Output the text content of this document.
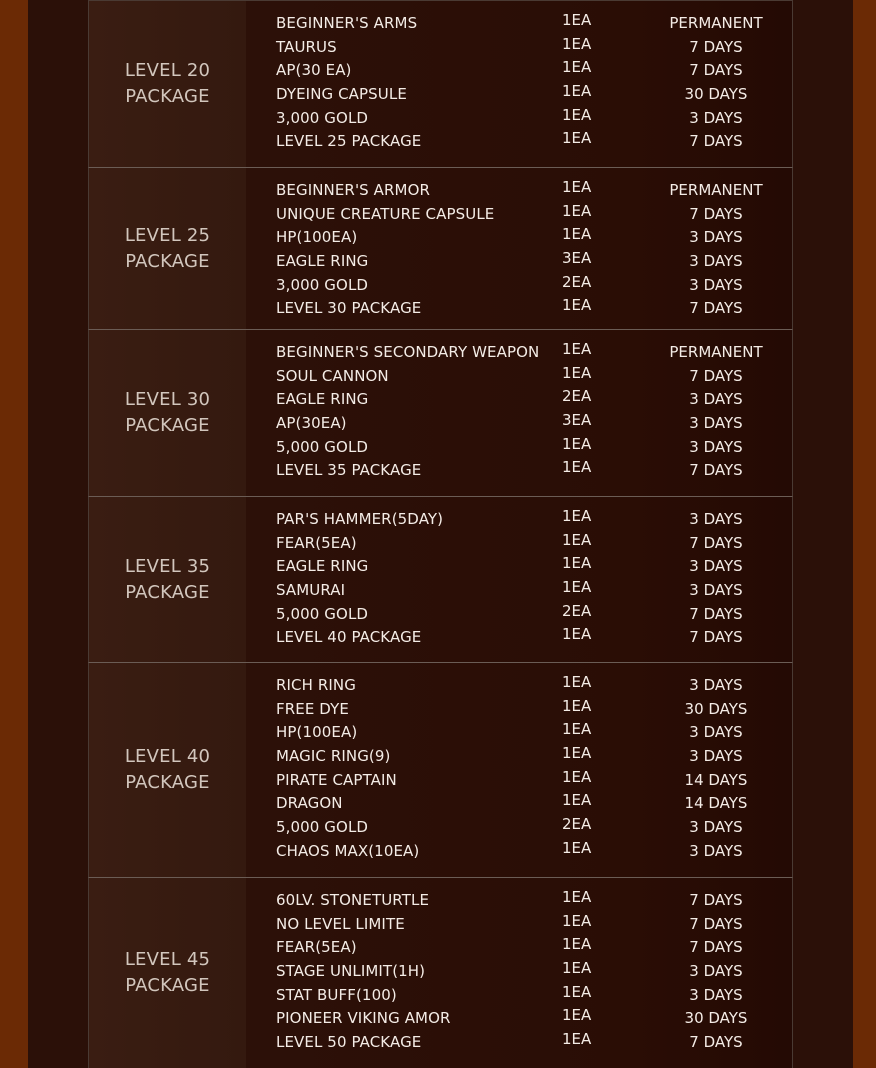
LEVEL 20 PACKAGE
BEGINNER'S ARMS	1EA	PERMANENT
TAURUS	1EA	7 DAYS
AP(30 EA)	1EA	7 DAYS
DYEING CAPSULE	1EA	30 DAYS
3,000 GOLD	1EA	3 DAYS
LEVEL 25 PACKAGE	1EA	7 DAYS
LEVEL 25 PACKAGE
BEGINNER'S ARMOR	1EA	PERMANENT
UNIQUE CREATURE CAPSULE	1EA	7 DAYS
HP(100EA)	1EA	3 DAYS
EAGLE RING	3EA	3 DAYS
3,000 GOLD	2EA	3 DAYS
LEVEL 30 PACKAGE	1EA	7 DAYS
LEVEL 30 PACKAGE
BEGINNER'S SECONDARY WEAPON 1EA	PERMANENT
SOUL CANNON	1EA	7 DAYS
EAGLE RING	2EA	3 DAYS
AP(30EA)	3EA	3 DAYS
5,000 GOLD	1EA	3 DAYS
LEVEL 35 PACKAGE	1EA	7 DAYS
LEVEL 35 PACKAGE
PAR'S HAMMER(5DAY)	1EA	3 DAYS
FEAR(5EA)	1EA	7 DAYS
EAGLE RING	1EA	3 DAYS
SAMURAI	1EA	3 DAYS
5,000 GOLD	2EA	7 DAYS
LEVEL 40 PACKAGE	1EA	7 DAYS
LEVEL 40 PACKAGE
RICH RING	1EA	3 DAYS
FREE DYE	1EA	30 DAYS
HP(100EA)	1EA	3 DAYS
MAGIC RING(9)	1EA	3 DAYS
PIRATE CAPTAIN	1EA	14 DAYS
DRAGON	1EA	14 DAYS
5,000 GOLD	2EA	3 DAYS
CHAOS MAX(10EA)	1EA	3 DAYS
LEVEL 45 PACKAGE
60LV. STONETURTLE	1EA	7 DAYS
NO LEVEL LIMITE	1EA	7 DAYS
FEAR(5EA)	1EA	7 DAYS
STAGE UNLIMIT(1H)	1EA	3 DAYS
STAT BUFF(100)	1EA	3 DAYS
PIONEER VIKING AMOR	1EA	30 DAYS
LEVEL 50 PACKAGE	1EA	7 DAYS
